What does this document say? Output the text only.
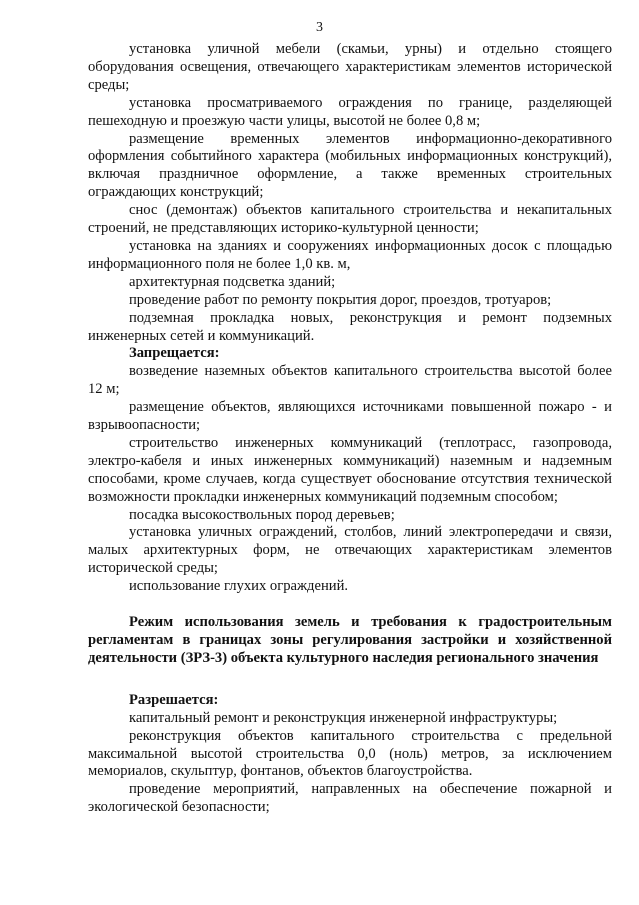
3

установка уличной мебели (скамьи, урны) и отдельно стоящего оборудования освещения, отвечающего характеристикам элементов исторической среды;

установка просматриваемого ограждения по границе, разделяющей пешеходную и проезжую части улицы, высотой не более 0,8 м;

размещение временных элементов информационно-декоративного оформления событийного характера (мобильных информационных конструкций), включая праздничное оформление, а также временных строительных ограждающих конструкций;

снос (демонтаж) объектов капитального строительства и некапитальных строений, не представляющих историко-культурной ценности;

установка на зданиях и сооружениях информационных досок с площадью информационного поля не более 1,0 кв. м,

архитектурная подсветка зданий;

проведение работ по ремонту покрытия дорог, проездов, тротуаров;

подземная прокладка новых, реконструкция и ремонт подземных инженерных сетей и коммуникаций.

Запрещается:

возведение наземных объектов капитального строительства высотой более 12 м;

размещение объектов, являющихся источниками повышенной пожаро - и взрывоопасности;

строительство инженерных коммуникаций (теплотрасс, газопровода, электро-кабеля и иных инженерных коммуникаций) наземным и надземным способами, кроме случаев, когда существует обоснование отсутствия технической возможности прокладки инженерных коммуникаций подземным способом;

посадка высокоствольных пород деревьев;

установка уличных ограждений, столбов, линий электропередачи и связи, малых архитектурных форм, не отвечающих характеристикам элементов исторической среды;

использование глухих ограждений.

Режим использования земель и требования к градостроительным регламентам в границах зоны регулирования застройки и хозяйственной деятельности (ЗРЗ-3) объекта культурного наследия регионального значения

Разрешается:

капитальный ремонт и реконструкция инженерной инфраструктуры;

реконструкция объектов капитального строительства с предельной максимальной высотой строительства 0,0 (ноль) метров, за исключением мемориалов, скульптур, фонтанов, объектов благоустройства.

проведение мероприятий, направленных на обеспечение пожарной и экологической безопасности;
